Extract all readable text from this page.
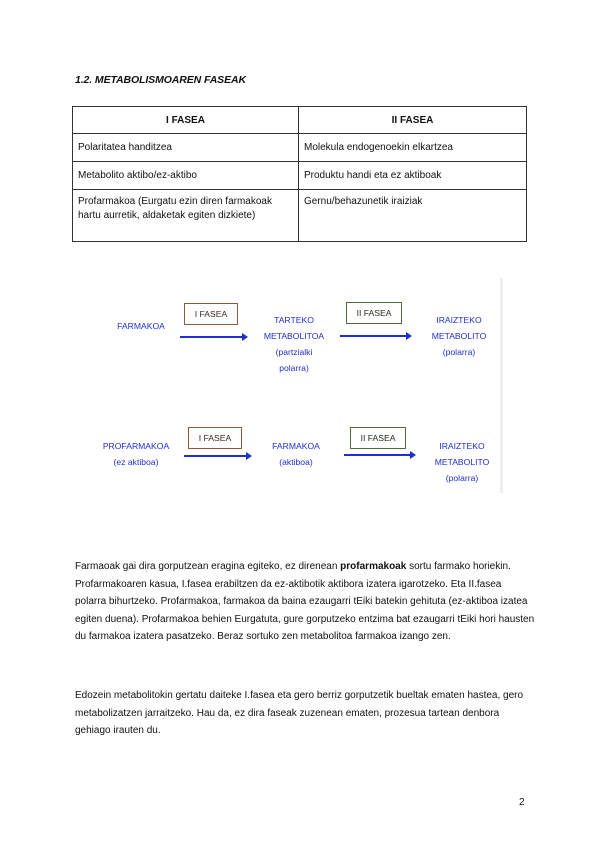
1.2. METABOLISMOAREN FASEAK
I FASEA	II FASEA
Polaritatea handitzea	Molekula endogenoekin elkartzea
Metabolito aktibo/ez-aktibo	Produktu handi eta ez aktiboak
Profarmakoa (Eurgatu ezin diren farmakoak hartu aurretik, aldaketak egiten dizkiete)	Gernu/behazunetik iraiziak
FARMAKOA
I FASEA
TARTEKO
METABOLITOA
(partzialki
polarra)
II FASEA
IRAIZTEKO
METABOLITO
(polarra)
PROFARMAKOA
(ez aktiboa)
I FASEA
FARMAKOA
(aktiboa)
II FASEA
IRAIZTEKO
METABOLITO
(polarra)
Farmaoak gai dira gorputzean eragina egiteko, ez direnean profarmakoak sortu farmako horiekin. Profarmakoaren kasua, I.fasea erabiltzen da ez-aktibotik aktibora izatera igarotzeko. Eta II.fasea polarra bihurtzeko. Profarmakoa, farmakoa da baina ezaugarri tEiki batekin gehituta (ez-aktiboa izatea egiten duena). Profarmakoa behien Eurgatuta, gure gorputzeko entzima bat ezaugarri tEiki hori hausten du farmakoa izatera pasatzeko. Beraz sortuko zen metabolitoa farmakoa izango zen.
Edozein metabolitokin gertatu daiteke I.fasea eta gero berriz gorputzetik bueltak ematen hastea, gero metabolizatzen jarraitzeko. Hau da, ez dira faseak zuzenean ematen, prozesua tartean denbora gehiago irauten du.
2
